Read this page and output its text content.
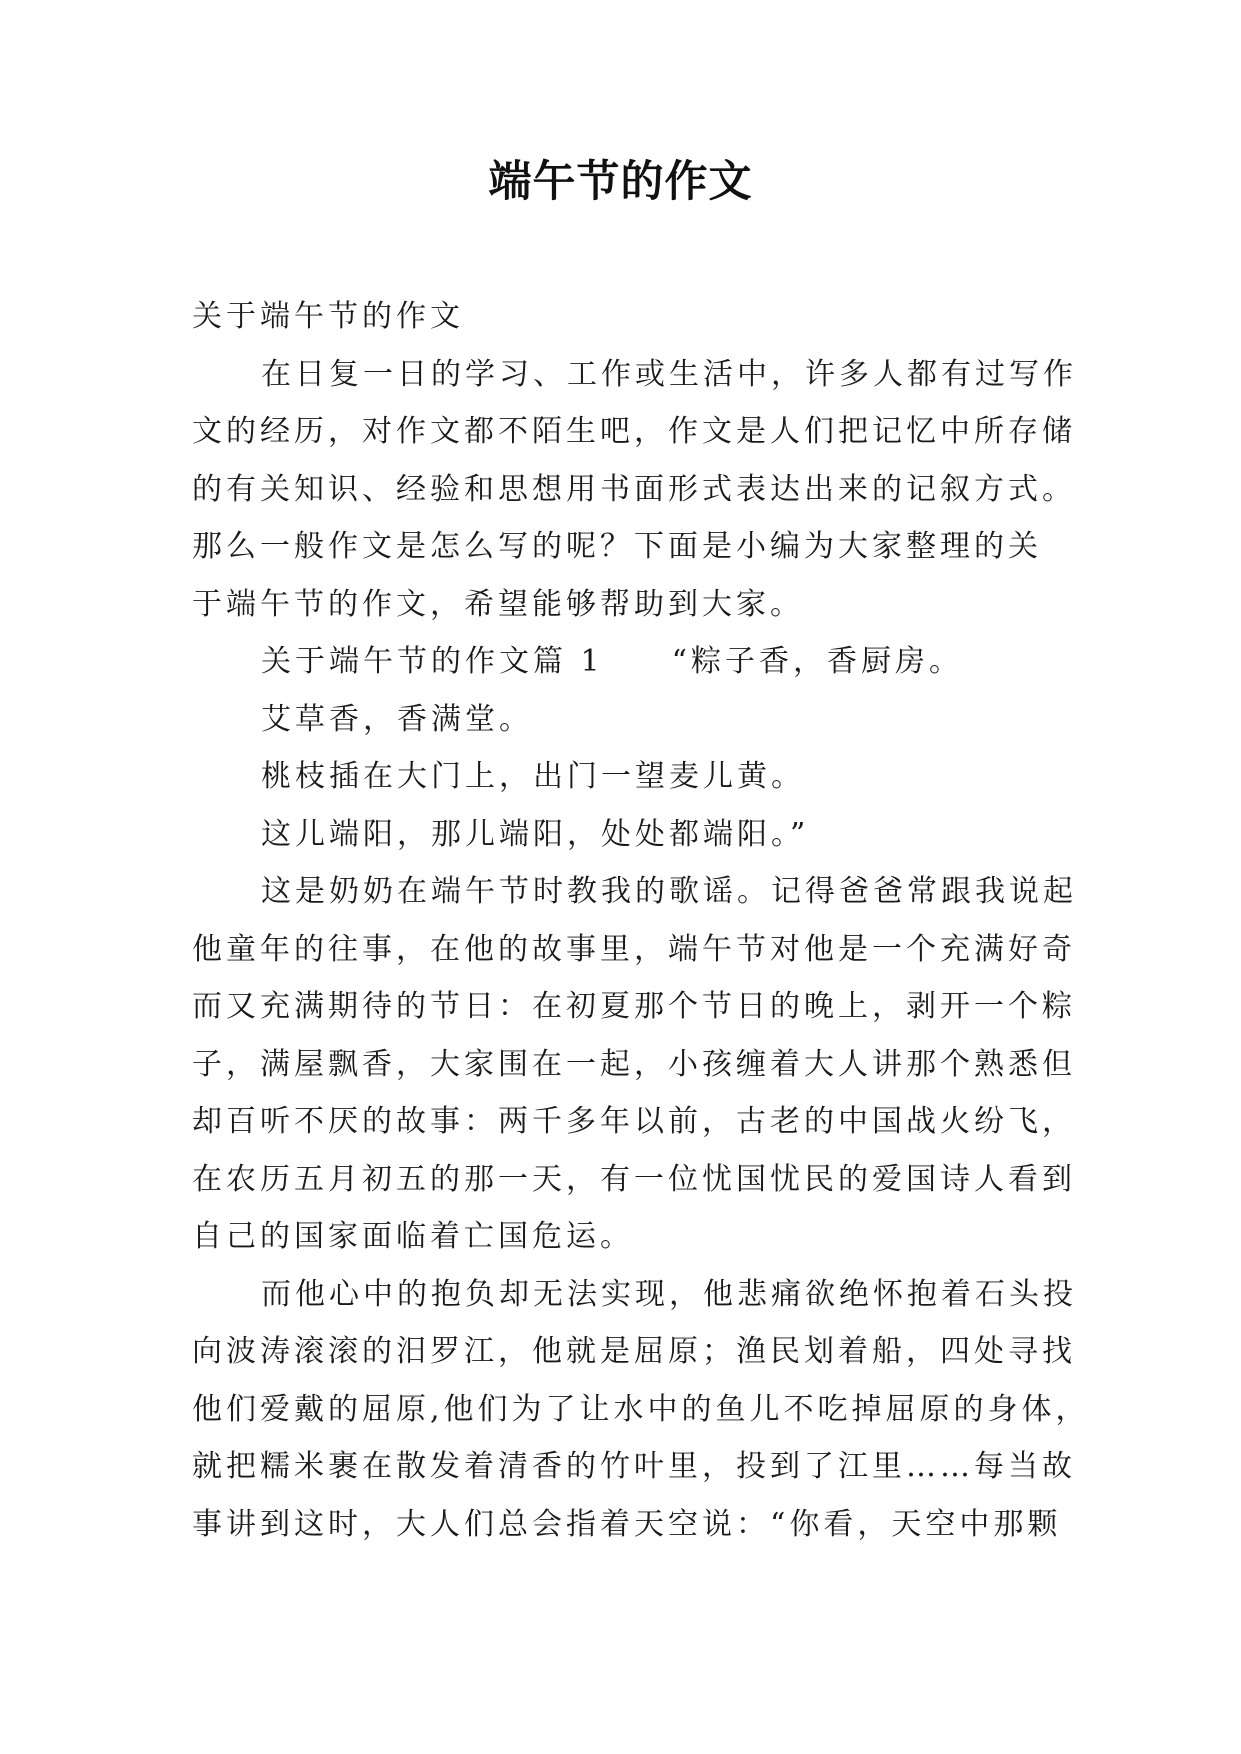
端午节的作文
关于端午节的作文
在日复一日的学习、工作或生活中，许多人都有过写作
文的经历，对作文都不陌生吧，作文是人们把记忆中所存储
的有关知识、经验和思想用书面形式表达出来的记叙方式。
那么一般作文是怎么写的呢？下面是小编为大家整理的关
于端午节的作文，希望能够帮助到大家。
关于端午节的作文篇 1　　“粽子香，香厨房。
艾草香，香满堂。
桃枝插在大门上，出门一望麦儿黄。
这儿端阳，那儿端阳，处处都端阳。”
这是奶奶在端午节时教我的歌谣。记得爸爸常跟我说起
他童年的往事，在他的故事里，端午节对他是一个充满好奇
而又充满期待的节日：在初夏那个节日的晚上，剥开一个粽
子，满屋飘香，大家围在一起，小孩缠着大人讲那个熟悉但
却百听不厌的故事：两千多年以前，古老的中国战火纷飞，
在农历五月初五的那一天，有一位忧国忧民的爱国诗人看到
自己的国家面临着亡国危运。
而他心中的抱负却无法实现，他悲痛欲绝怀抱着石头投
向波涛滚滚的汨罗江，他就是屈原；渔民划着船，四处寻找
他们爱戴的屈原,他们为了让水中的鱼儿不吃掉屈原的身体，
就把糯米裹在散发着清香的竹叶里，投到了江里……每当故
事讲到这时，大人们总会指着天空说：“你看，天空中那颗
